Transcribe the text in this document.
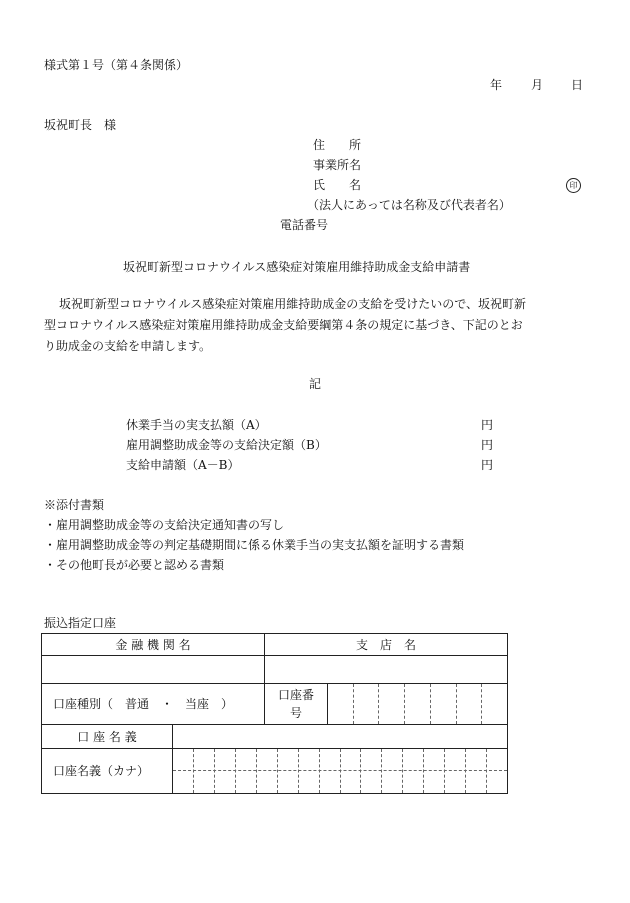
様式第１号（第４条関係）
年 月 日
坂祝町長　様
住　　所
事業所名
氏　　名	印
（法人にあっては名称及び代表者名）
電話番号
坂祝町新型コロナウイルス感染症対策雇用維持助成金支給申請書
坂祝町新型コロナウイルス感染症対策雇用維持助成金の支給を受けたいので、坂祝町新
型コロナウイルス感染症対策雇用維持助成金支給要綱第４条の規定に基づき、下記のとお
り助成金の支給を申請します。
記
休業手当の実支払額（A）	円
雇用調整助成金等の支給決定額（B）	円
支給申請額（A－B）	円
※添付書類
・雇用調整助成金等の支給決定通知書の写し
・雇用調整助成金等の判定基礎期間に係る休業手当の実支払額を証明する書類
・その他町長が必要と認める書類
振込指定口座
金 融 機 関 名		支　店　名	

口座種別（　普通　・　当座　）		口座番
号	

口 座 名 義			
口座名義（カナ）			
